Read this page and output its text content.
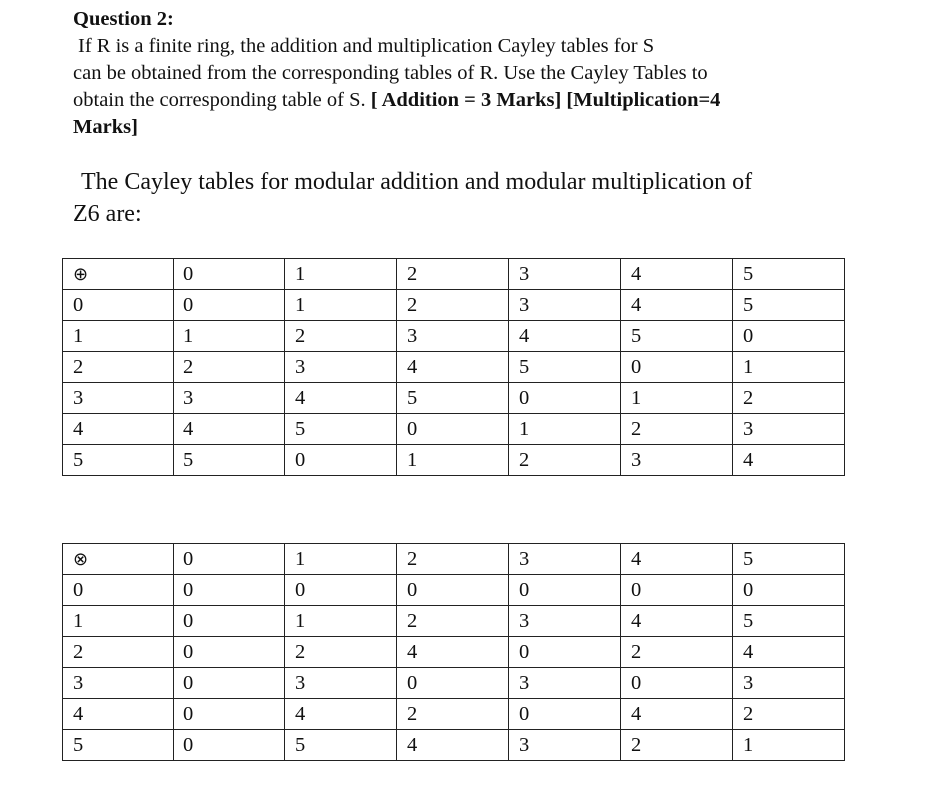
Question 2:
If R is a finite ring, the addition and multiplication Cayley tables for S
can be obtained from the corresponding tables of R. Use the Cayley Tables to
obtain the corresponding table of S. [ Addition = 3 Marks] [Multiplication=4
Marks]
The Cayley tables for modular addition and modular multiplication of
Z6 are:
⊕	0	1	2	3	4	5
0	0	1	2	3	4	5
1	1	2	3	4	5	0
2	2	3	4	5	0	1
3	3	4	5	0	1	2
4	4	5	0	1	2	3
5	5	0	1	2	3	4
⊗	0	1	2	3	4	5
0	0	0	0	0	0	0
1	0	1	2	3	4	5
2	0	2	4	0	2	4
3	0	3	0	3	0	3
4	0	4	2	0	4	2
5	0	5	4	3	2	1
